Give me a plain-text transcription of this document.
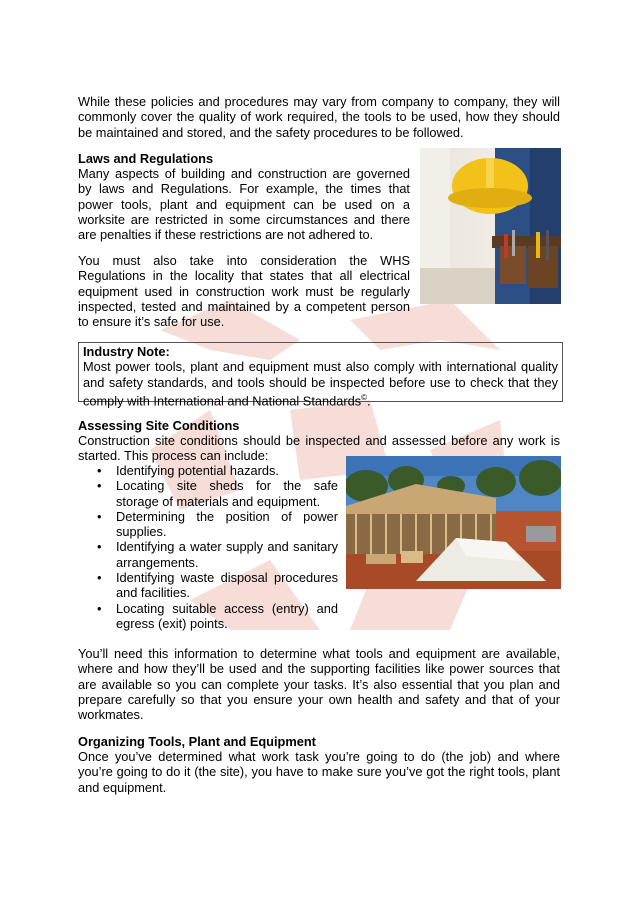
While these policies and procedures may vary from company to company, they will commonly cover the quality of work required, the tools to be used, how they should be maintained and stored, and the safety procedures to be followed.

Laws and Regulations

Many aspects of building and construction are governed by laws and Regulations. For example, the times that power tools, plant and equipment can be used on a worksite are restricted in some circumstances and there are penalties if these restrictions are not adhered to.

You must also take into consideration the WHS Regulations in the locality that states that all electrical equipment used in construction work must be regularly inspected, tested and maintained by a competent person to ensure it’s safe for use.

Industry Note:
Most power tools, plant and equipment must also comply with international quality and safety standards, and tools should be inspected before use to check that they comply with International and National Standards©.

Assessing Site Conditions

Construction site conditions should be inspected and assessed before any work is started. This process can include:

• Identifying potential hazards.
• Locating site sheds for the safe storage of materials and equipment.
• Determining the position of power supplies.
• Identifying a water supply and sanitary arrangements.
• Identifying waste disposal procedures and facilities.
• Locating suitable access (entry) and egress (exit) points.

You’ll need this information to determine what tools and equipment are available, where and how they’ll be used and the supporting facilities like power sources that are available so you can complete your tasks. It’s also essential that you plan and prepare carefully so that you ensure your own health and safety and that of your workmates.

Organizing Tools, Plant and Equipment

Once you’ve determined what work task you’re going to do (the job) and where you’re going to do it (the site), you have to make sure you’ve got the right tools, plant and equipment.
